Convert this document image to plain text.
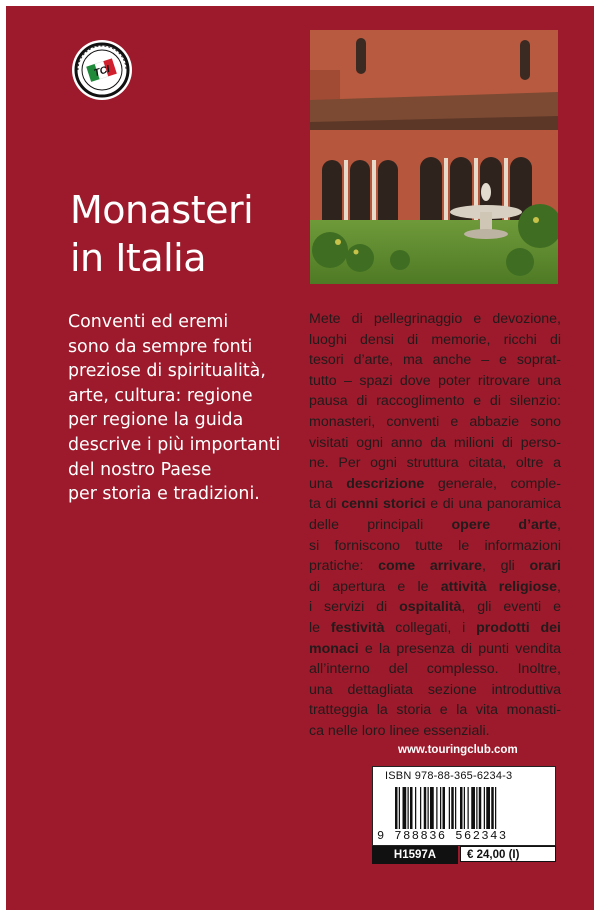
TCI
Monasteri
in Italia
Conventi ed eremi
sono da sempre fonti
preziose di spiritualità,
arte, cultura: regione
per regione la guida
descrive i più importanti
del nostro Paese
per storia e tradizioni.
Mete di pellegrinaggio e devozione,
luoghi densi di memorie, ricchi di
tesori d’arte, ma anche – e soprat-
tutto – spazi dove poter ritrovare una
pausa di raccoglimento e di silenzio:
monasteri, conventi e abbazie sono
visitati ogni anno da milioni di perso-
ne. Per ogni struttura citata, oltre a
una descrizione generale, comple-
ta di cenni storici e di una panoramica
delle principali opere d’arte,
si forniscono tutte le informazioni
pratiche: come arrivare, gli orari
di apertura e le attività religiose,
i servizi di ospitalità, gli eventi e
le festività collegati, i prodotti dei
monaci e la presenza di punti vendita
all’interno del complesso. Inoltre,
una dettagliata sezione introduttiva
tratteggia la storia e la vita monasti-
ca nelle loro linee essenziali.
www.touringclub.com
ISBN 978-88-365-6234-3
9 788836 562343
H1597A	€ 24,00 (I)
